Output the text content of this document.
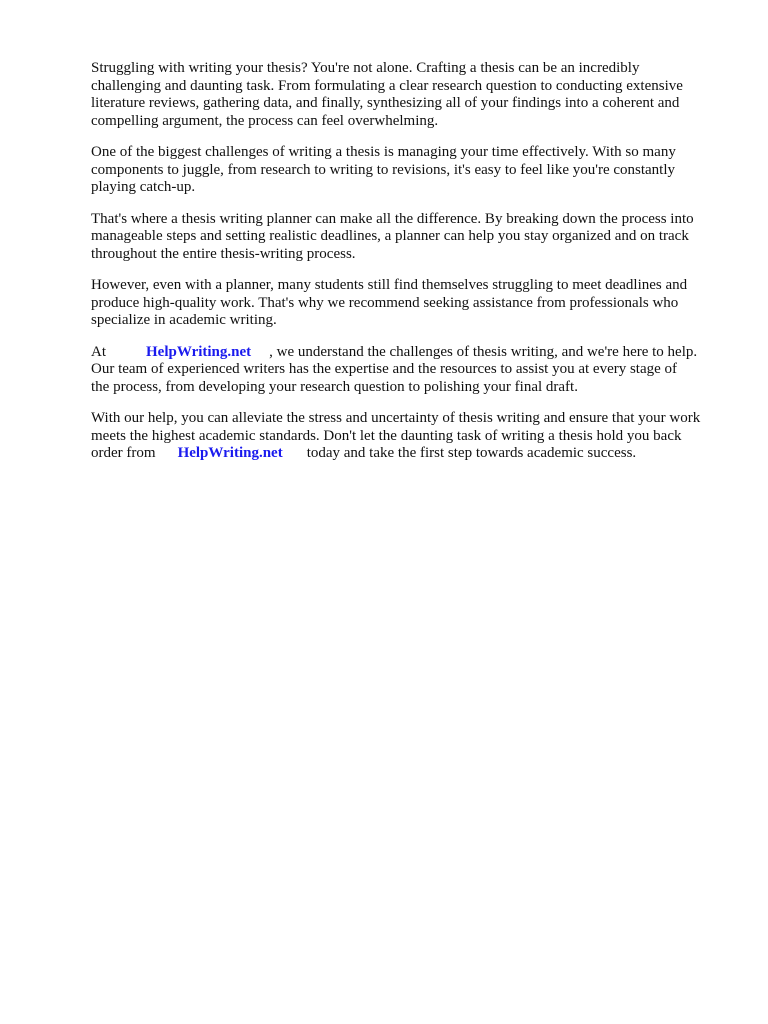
Struggling with writing your thesis? You're not alone. Crafting a thesis can be an incredibly
challenging and daunting task. From formulating a clear research question to conducting extensive
literature reviews, gathering data, and finally, synthesizing all of your findings into a coherent and
compelling argument, the process can feel overwhelming.

One of the biggest challenges of writing a thesis is managing your time effectively. With so many
components to juggle, from research to writing to revisions, it's easy to feel like you're constantly
playing catch-up.

That's where a thesis writing planner can make all the difference. By breaking down the process into
manageable steps and setting realistic deadlines, a planner can help you stay organized and on track
throughout the entire thesis-writing process.

However, even with a planner, many students still find themselves struggling to meet deadlines and
produce high-quality work. That's why we recommend seeking assistance from professionals who
specialize in academic writing.

At	HelpWriting.net , we understand the challenges of thesis writing, and we're here to help.
Our team of experienced writers has the expertise and the resources to assist you at every stage of
the process, from developing your research question to polishing your final draft.

With our help, you can alleviate the stress and uncertainty of thesis writing and ensure that your work
meets the highest academic standards. Don't let the daunting task of writing a thesis hold you back
order from HelpWriting.net today and take the first step towards academic success.
